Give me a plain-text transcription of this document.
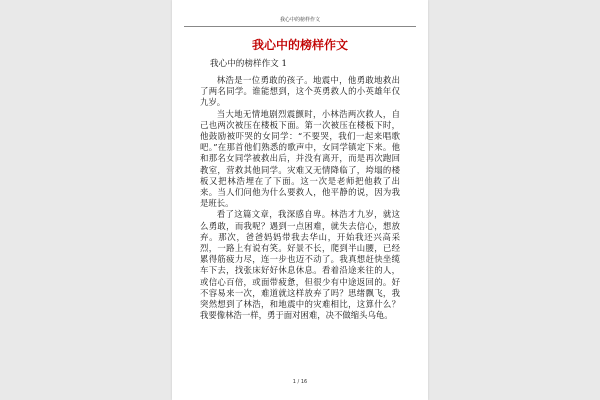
我心中的榜样作文
我心中的榜样作文
我心中的榜样作文 1

林浩是一位勇敢的孩子。地震中，他勇敢地救出了两名同学。谁能想到，这个英勇救人的小英雄年仅九岁。

当大地无情地剧烈震颤时，小林浩两次救人，自己也两次被压在楼板下面。第一次被压在楼板下时，他鼓励被吓哭的女同学：“不要哭，我们一起来唱歌吧。”在那首他们熟悉的歌声中，女同学镇定下来。他和那名女同学被救出后，并没有离开，而是再次跑回教室，营救其他同学。灾难又无情降临了，垮塌的楼板又把林浩埋在了下面。这一次是老师把他救了出来。当人们问他为什么要救人，他平静的说，因为我是班长。

看了这篇文章，我深感自卑。林浩才九岁，就这么勇敢，而我呢？遇到一点困难，就失去信心，想放弃。那次，爸爸妈妈带我去华山，开始我还兴高采烈，一路上有说有笑。好景不长，爬到半山腰，已经累得筋疲力尽，连一步也迈不动了。我真想赶快坐缆车下去，找张床好好休息休息。看着沿途来往的人，或信心百倍，或面带疲惫，但很少有中途返回的。好不容易来一次，难道就这样放弃了吗？思绪飘飞，我突然想到了林浩，和地震中的灾难相比，这算什么？我要像林浩一样，勇于面对困难，决不做缩头乌龟。

1 / 16
